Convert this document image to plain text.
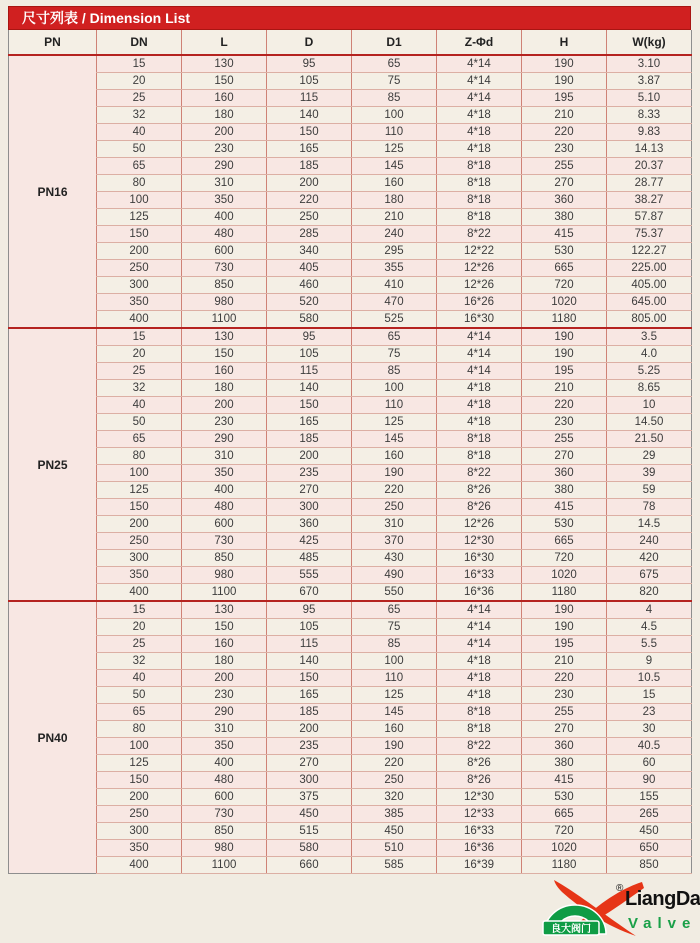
尺寸列表 / Dimension List
PN	DN	L	D	D1	Z-Φd	H	W(kg)
PN16	15	130	95	65	4*14	190	3.10
	20	150	105	75	4*14	190	3.87
	25	160	115	85	4*14	195	5.10
	32	180	140	100	4*18	210	8.33
	40	200	150	110	4*18	220	9.83
	50	230	165	125	4*18	230	14.13
	65	290	185	145	8*18	255	20.37
	80	310	200	160	8*18	270	28.77
	100	350	220	180	8*18	360	38.27
	125	400	250	210	8*18	380	57.87
	150	480	285	240	8*22	415	75.37
	200	600	340	295	12*22	530	122.27
	250	730	405	355	12*26	665	225.00
	300	850	460	410	12*26	720	405.00
	350	980	520	470	16*26	1020	645.00
	400	1100	580	525	16*30	1180	805.00
PN25	15	130	95	65	4*14	190	3.5
	20	150	105	75	4*14	190	4.0
	25	160	115	85	4*14	195	5.25
	32	180	140	100	4*18	210	8.65
	40	200	150	110	4*18	220	10
	50	230	165	125	4*18	230	14.50
	65	290	185	145	8*18	255	21.50
	80	310	200	160	8*18	270	29
	100	350	235	190	8*22	360	39
	125	400	270	220	8*26	380	59
	150	480	300	250	8*26	415	78
	200	600	360	310	12*26	530	14.5
	250	730	425	370	12*30	665	240
	300	850	485	430	16*30	720	420
	350	980	555	490	16*33	1020	675
	400	1100	670	550	16*36	1180	820
PN40	15	130	95	65	4*14	190	4
	20	150	105	75	4*14	190	4.5
	25	160	115	85	4*14	195	5.5
	32	180	140	100	4*18	210	9
	40	200	150	110	4*18	220	10.5
	50	230	165	125	4*18	230	15
	65	290	185	145	8*18	255	23
	80	310	200	160	8*18	270	30
	100	350	235	190	8*22	360	40.5
	125	400	270	220	8*26	380	60
	150	480	300	250	8*26	415	90
	200	600	375	320	12*30	530	155
	250	730	450	385	12*33	665	265
	300	850	515	450	16*33	720	450
	350	980	580	510	16*36	1020	650
	400	1100	660	585	16*39	1180	850
良大阀门
® LiangDa
Valve
